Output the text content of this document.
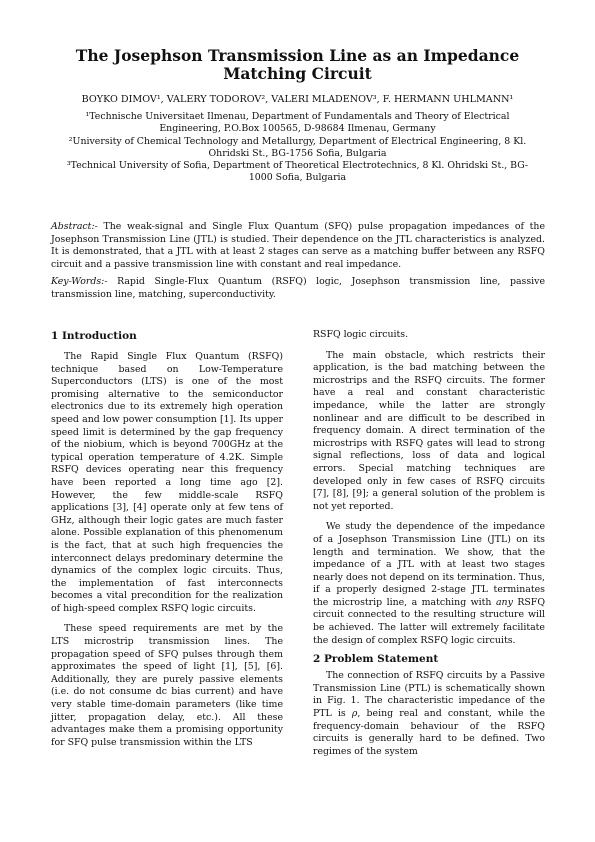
The Josephson Transmission Line as an Impedance Matching Circuit
BOYKO DIMOV¹, VALERY TODOROV², VALERI MLADENOV³, F. HERMANN UHLMANN¹
¹Technische Universitaet Ilmenau, Department of Fundamentals and Theory of Electrical Engineering, P.O.Box 100565, D-98684 Ilmenau, Germany
²University of Chemical Technology and Metallurgy, Department of Electrical Engineering, 8 Kl. Ohridski St., BG-1756 Sofia, Bulgaria
³Technical University of Sofia, Department of Theoretical Electrotechnics, 8 Kl. Ohridski St., BG-1000 Sofia, Bulgaria

Abstract:- The weak-signal and Single Flux Quantum (SFQ) pulse propagation impedances of the Josephson Transmission Line (JTL) is studied. Their dependence on the JTL characteristics is analyzed. It is demonstrated, that a JTL with at least 2 stages can serve as a matching buffer between any RSFQ circuit and a passive transmission line with constant and real impedance.

Key-Words:- Rapid Single-Flux Quantum (RSFQ) logic, Josephson transmission line, passive transmission line, matching, superconductivity.

1 Introduction

The Rapid Single Flux Quantum (RSFQ) technique based on Low-Temperature Superconductors (LTS) is one of the most promising alternative to the semiconductor electronics due to its extremely high operation speed and low power consumption [1]. Its upper speed limit is determined by the gap frequency of the niobium, which is beyond 700GHz at the typical operation temperature of 4.2K. Simple RSFQ devices operating near this frequency have been reported a long time ago [2]. However, the few middle-scale RSFQ applications [3], [4] operate only at few tens of GHz, although their logic gates are much faster alone. Possible explanation of this phenomenum is the fact, that at such high frequencies the interconnect delays predominary determine the dynamics of the complex logic circuits. Thus, the implementation of fast interconnects becomes a vital precondition for the realization of high-speed complex RSFQ logic circuits.

These speed requirements are met by the LTS microstrip transmission lines. The propagation speed of SFQ pulses through them approximates the speed of light [1], [5], [6]. Additionally, they are purely passive elements (i.e. do not consume dc bias current) and have very stable time-domain parameters (like time jitter, propagation delay, etc.). All these advantages make them a promising opportunity for SFQ pulse transmission within the LTS

RSFQ logic circuits.

The main obstacle, which restricts their application, is the bad matching between the microstrips and the RSFQ circuits. The former have a real and constant characteristic impedance, while the latter are strongly nonlinear and are difficult to be described in frequency domain. A direct termination of the microstrips with RSFQ gates will lead to strong signal reflections, loss of data and logical errors. Special matching techniques are developed only in few cases of RSFQ circuits [7], [8], [9]; a general solution of the problem is not yet reported.

We study the dependence of the impedance of a Josephson Transmission Line (JTL) on its length and termination. We show, that the impedance of a JTL with at least two stages nearly does not depend on its termination. Thus, if a properly designed 2-stage JTL terminates the microstrip line, a matching with any RSFQ circuit connected to the resulting structure will be achieved. The latter will extremely facilitate the design of complex RSFQ logic circuits.

2 Problem Statement

The connection of RSFQ circuits by a Passive Transmission Line (PTL) is schematically shown in Fig. 1. The characteristic impedance of the PTL is ρ, being real and constant, while the frequency-domain behaviour of the RSFQ circuits is generally hard to be defined. Two regimes of the system
